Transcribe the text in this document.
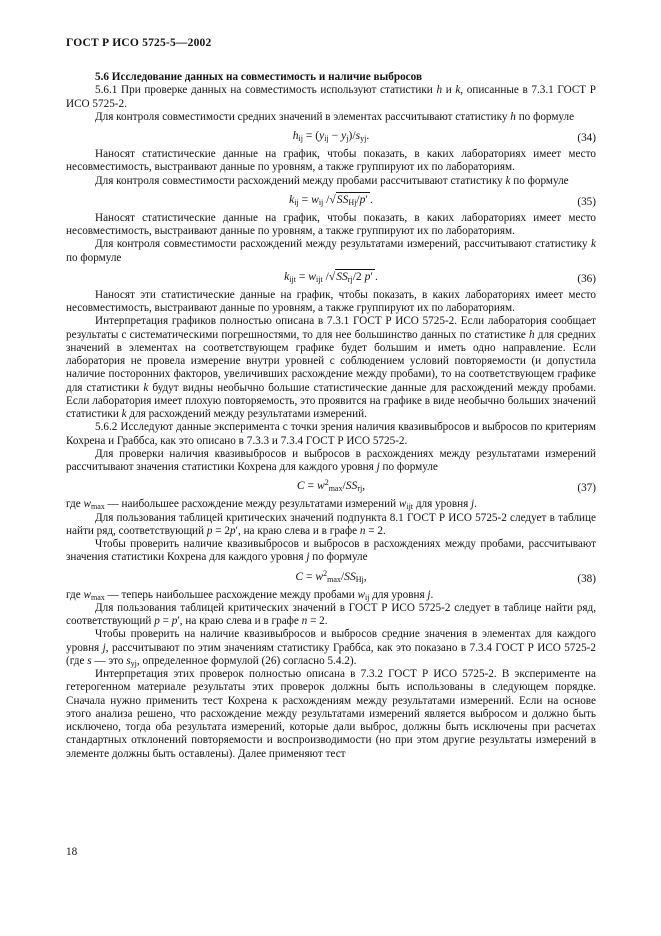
ГОСТ Р ИСО 5725-5—2002

5.6 Исследование данных на совместимость и наличие выбросов

5.6.1 При проверке данных на совместимость используют статистики h и k, описанные в 7.3.1 ГОСТ Р ИСО 5725-2.

Для контроля совместимости средних значений в элементах рассчитывают статистику h по формуле

$h_{ij} = (y_{ij} - y_j)/s_{yj}$.	(34)

Наносят статистические данные на график, чтобы показать, в каких лабораториях имеет место несовместимость, выстраивают данные по уровням, а также группируют их по лабораториям.

Для контроля совместимости расхождений между пробами рассчитывают статистику k по формуле

$k_{ij} = w_{ij}$ $/√SS_{Hj}/p'$ .	(35)

Наносят статистические данные на график, чтобы показать, в каких лабораториях имеет место несовместимость, выстраивают данные по уровням, а также группируют их по лабораториям.

Для контроля совместимости расхождений между результатами измерений, рассчитывают статистику k по формуле

$k_{ijt} = w_{ijt}$ $/√SS_{rj}/2$ p′ .	(36)

Наносят эти статистические данные на график, чтобы показать, в каких лабораториях имеет место несовместимость, выстраивают данные по уровням, а также группируют их по лабораториям.

Интерпретация графиков полностью описана в 7.3.1 ГОСТ Р ИСО 5725-2. Если лаборатория сообщает результаты с систематическими погрешностями, то для нее большинство данных по статистике h для средних значений в элементах на соответствующем графике будет большим и иметь одно направление. Если лаборатория не провела измерение внутри уровней с соблюдением условий повторяемости (и допустила наличие посторонних факторов, увеличивших расхождение между пробами), то на соответствующем графике для статистики k будут видны необычно большие статистические данные для расхождений между пробами. Если лаборатория имеет плохую повторяемость, это проявится на графике в виде необычно больших значений статистики k для расхождений между результатами измерений.

5.6.2 Исследуют данные эксперимента с точки зрения наличия квазивыбросов и выбросов по критериям Кохрена и Граббса, как это описано в 7.3.3 и 7.3.4 ГОСТ Р ИСО 5725-2.

Для проверки наличия квазивыбросов и выбросов в расхождениях между результатами измерений рассчитывают значения статистики Кохрена для каждого уровня j по формуле

$C = w^2_{max}/SS_{rj}$,	(37)

где $w_{max}$ — наибольшее расхождение между результатами измерений $w_{ijt}$ для уровня j.

Для пользования таблицей критических значений подпункта 8.1 ГОСТ Р ИСО 5725-2 следует в таблице найти ряд, соответствующий p = 2p′, на краю слева и в графе n = 2.

Чтобы проверить наличие квазивыбросов и выбросов в расхождениях между пробами, рассчитывают значения статистики Кохрена для каждого уровня j по формуле

$C = w^2_{max}/SS_{Hj}$,	(38)

где $w_{max}$ — теперь наибольшее расхождение между пробами $w_{ij}$ для уровня j.

Для пользования таблицей критических значений в ГОСТ Р ИСО 5725-2 следует в таблице найти ряд, соответствующий p = p′, на краю слева и в графе n = 2.

Чтобы проверить на наличие квазивыбросов и выбросов средние значения в элементах для каждого уровня j, рассчитывают по этим значениям статистику Граббса, как это показано в 7.3.4 ГОСТ Р ИСО 5725-2 (где s — это $s_{yj}$, определенное формулой (26) согласно 5.4.2).

Интерпретация этих проверок полностью описана в 7.3.2 ГОСТ Р ИСО 5725-2. В эксперименте на гетерогенном материале результаты этих проверок должны быть использованы в следующем порядке. Сначала нужно применить тест Кохрена к расхождениям между результатами измерений. Если на основе этого анализа решено, что расхождение между результатами измерений является выбросом и должно быть исключено, тогда оба результата измерений, которые дали выброс, должны быть исключены при расчетах стандартных отклонений повторяемости и воспроизводимости (но при этом другие результаты измерений в элементе должны быть оставлены). Далее применяют тест

18
